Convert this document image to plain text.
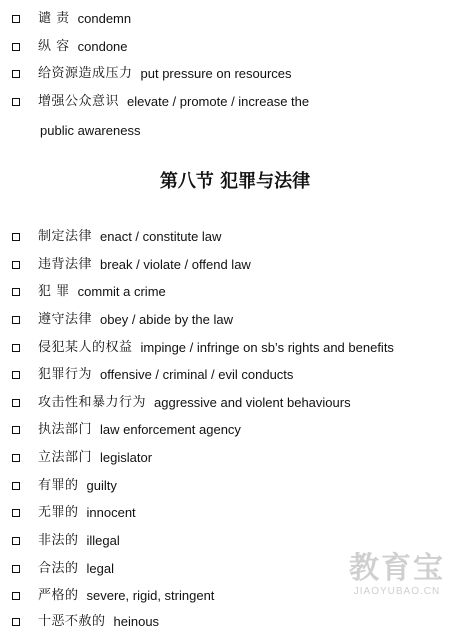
谴 责 condemn
纵 容 condone
给资源造成压力 put pressure on resources
增强公众意识 elevate / promote / increase the
public awareness
第八节 犯罪与法律
制定法律 enact / constitute law
违背法律 break / violate / offend law
犯 罪 commit a crime
遵守法律 obey / abide by the law
侵犯某人的权益 impinge / infringe on sb’s rights and benefits
犯罪行为 offensive / criminal / evil conducts
攻击性和暴力行为 aggressive and violent behaviours
执法部门 law enforcement agency
立法部门 legislator
有罪的 guilty
无罪的 innocent
非法的 illegal
合法的 legal
严格的 severe, rigid, stringent
十恶不赦的 heinous
教育宝
JIAOYUBAO.CN
